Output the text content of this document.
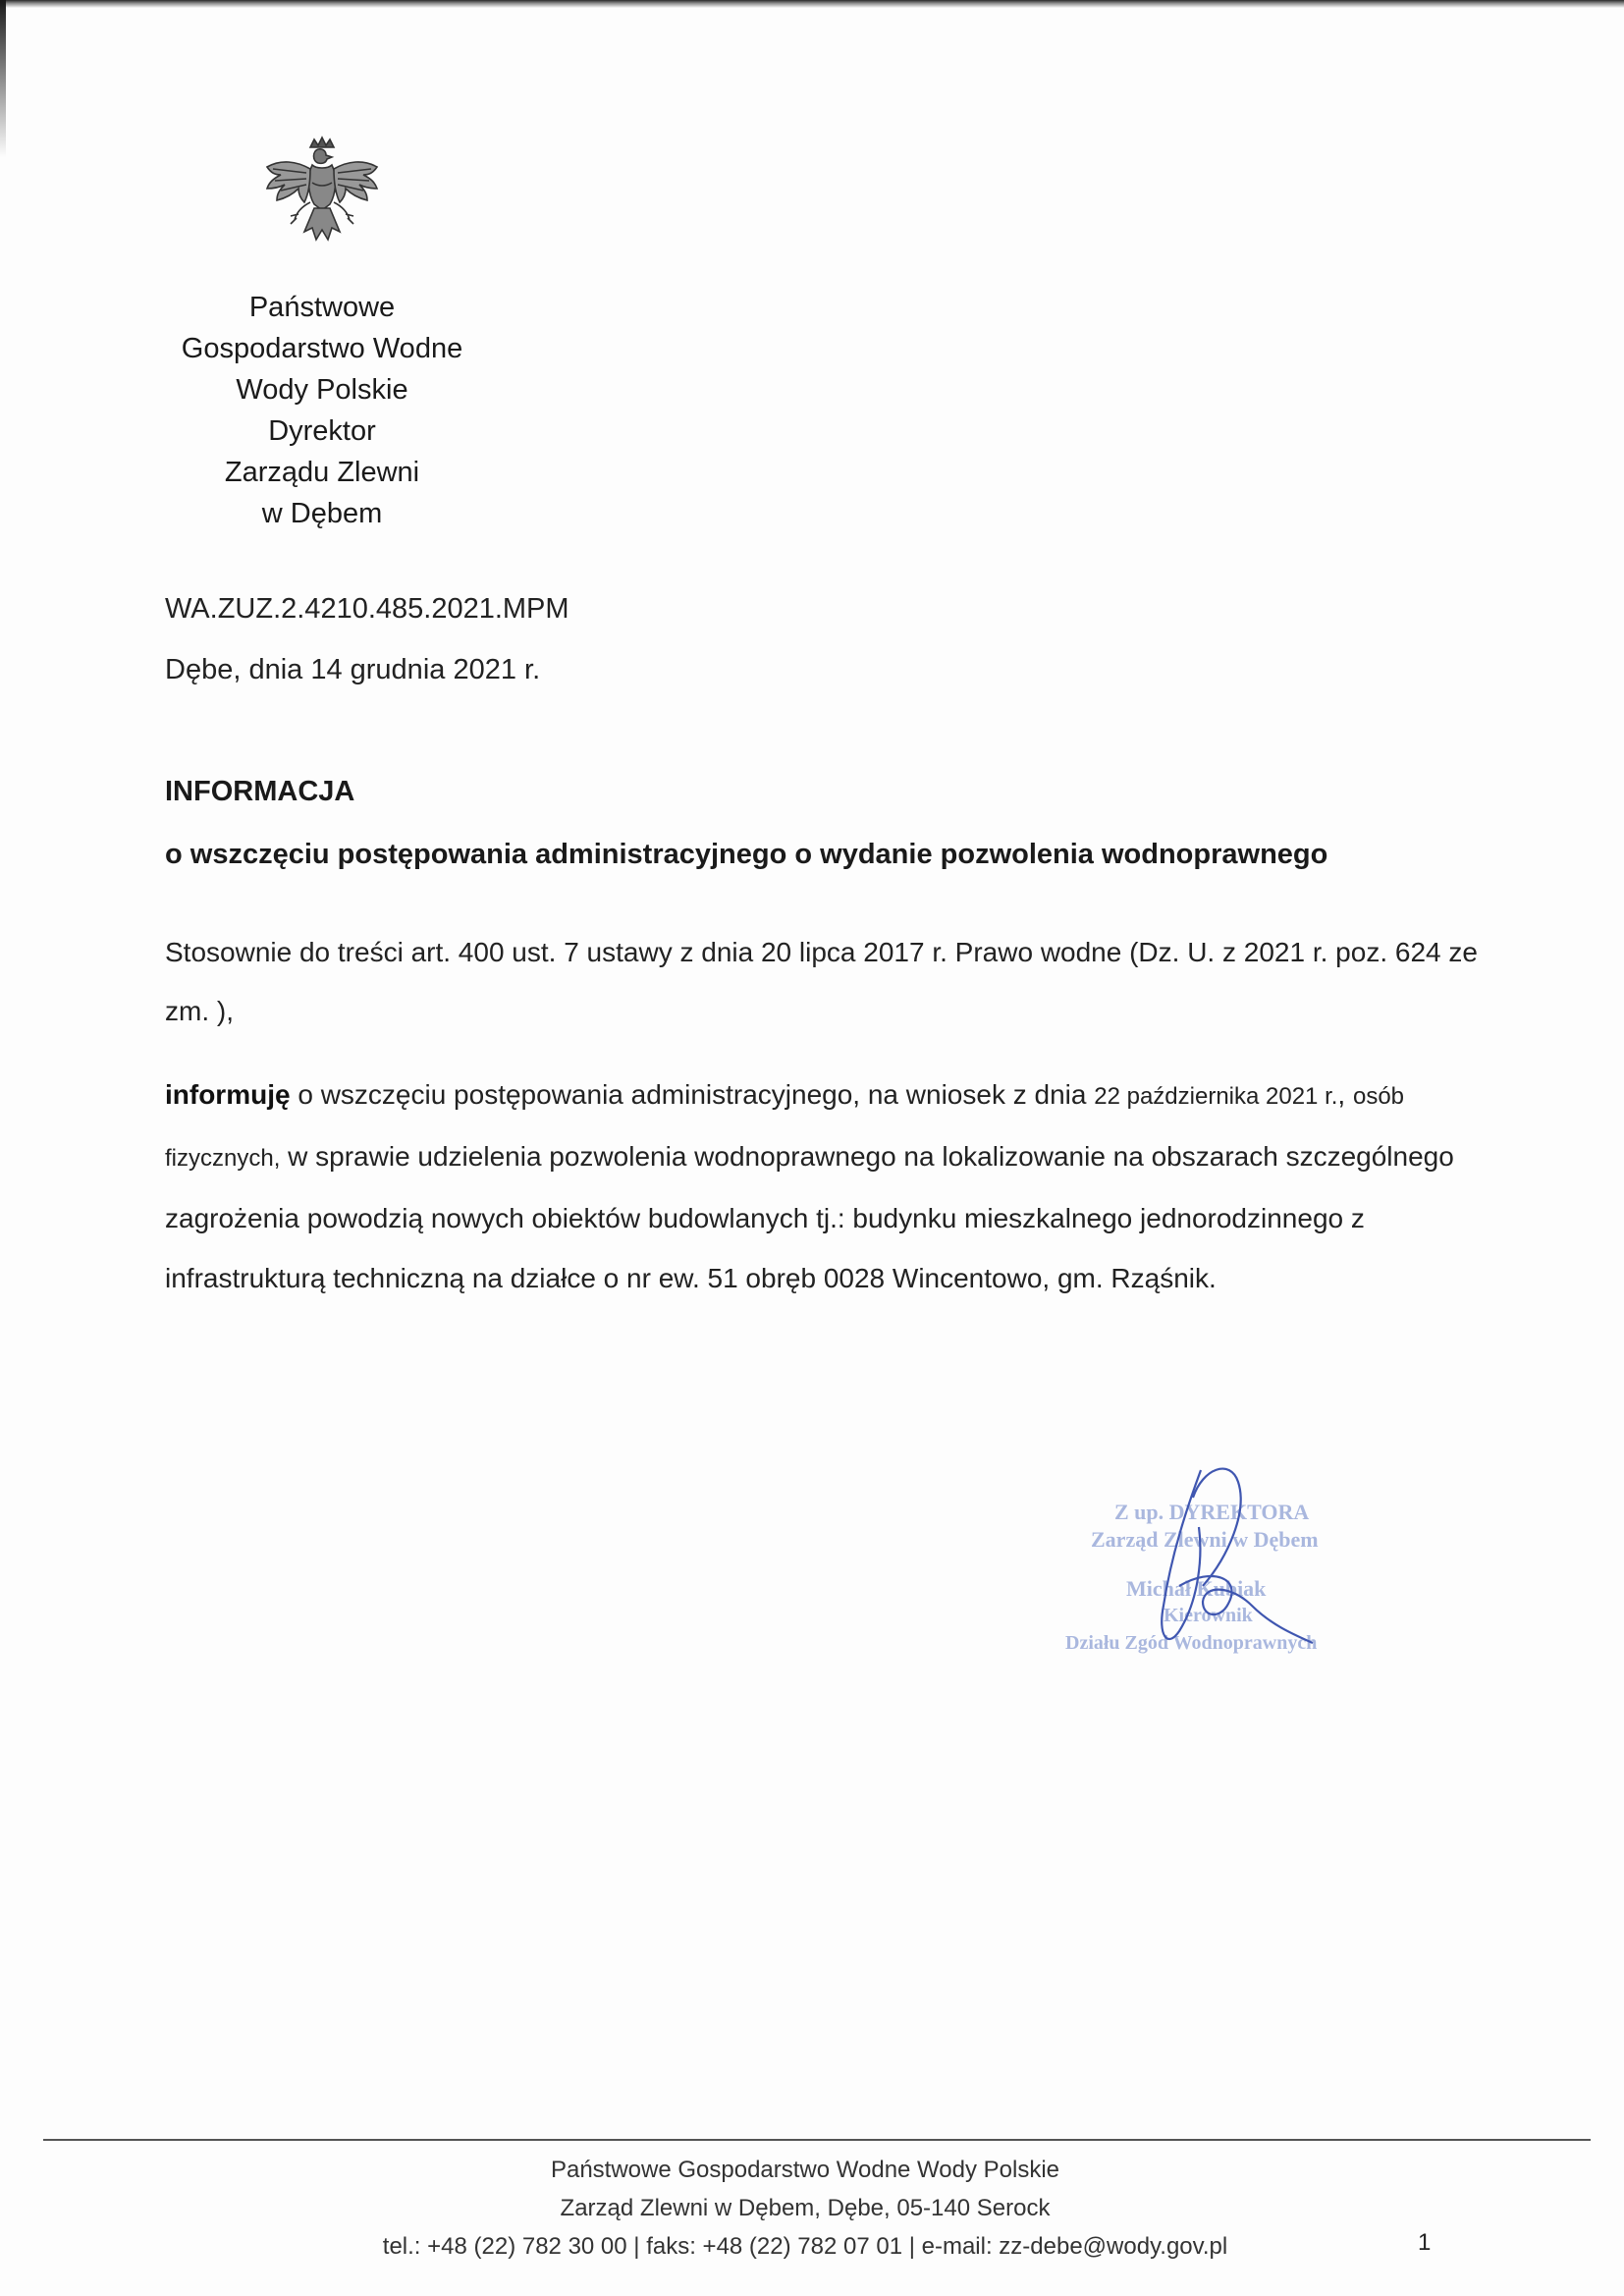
Państwowe
Gospodarstwo Wodne
Wody Polskie
Dyrektor
Zarządu Zlewni
w Dębem
WA.ZUZ.2.4210.485.2021.MPM
Dębe, dnia 14 grudnia 2021 r.
INFORMACJA
o wszczęciu postępowania administracyjnego o wydanie pozwolenia wodnoprawnego
Stosownie do treści art. 400 ust. 7 ustawy z dnia 20 lipca 2017 r. Prawo wodne (Dz. U. z 2021 r. poz. 624 ze zm. ),
informuję o wszczęciu postępowania administracyjnego, na wniosek z dnia 22 października 2021 r., osób fizycznych, w sprawie udzielenia pozwolenia wodnoprawnego na lokalizowanie na obszarach szczególnego zagrożenia powodzią nowych obiektów budowlanych tj.: budynku mieszkalnego jednorodzinnego z infrastrukturą techniczną na działce o nr ew. 51 obręb 0028 Wincentowo, gm. Rząśnik.
Z up. DYREKTORA
Zarząd Zlewni w Dębem
Michał Kubiak
Kierownik
Działu Zgód Wodnoprawnych
Państwowe Gospodarstwo Wodne Wody Polskie
Zarząd Zlewni w Dębem, Dębe, 05-140 Serock
tel.: +48 (22) 782 30 00 | faks: +48 (22) 782 07 01 | e-mail: zz-debe@wody.gov.pl	1
